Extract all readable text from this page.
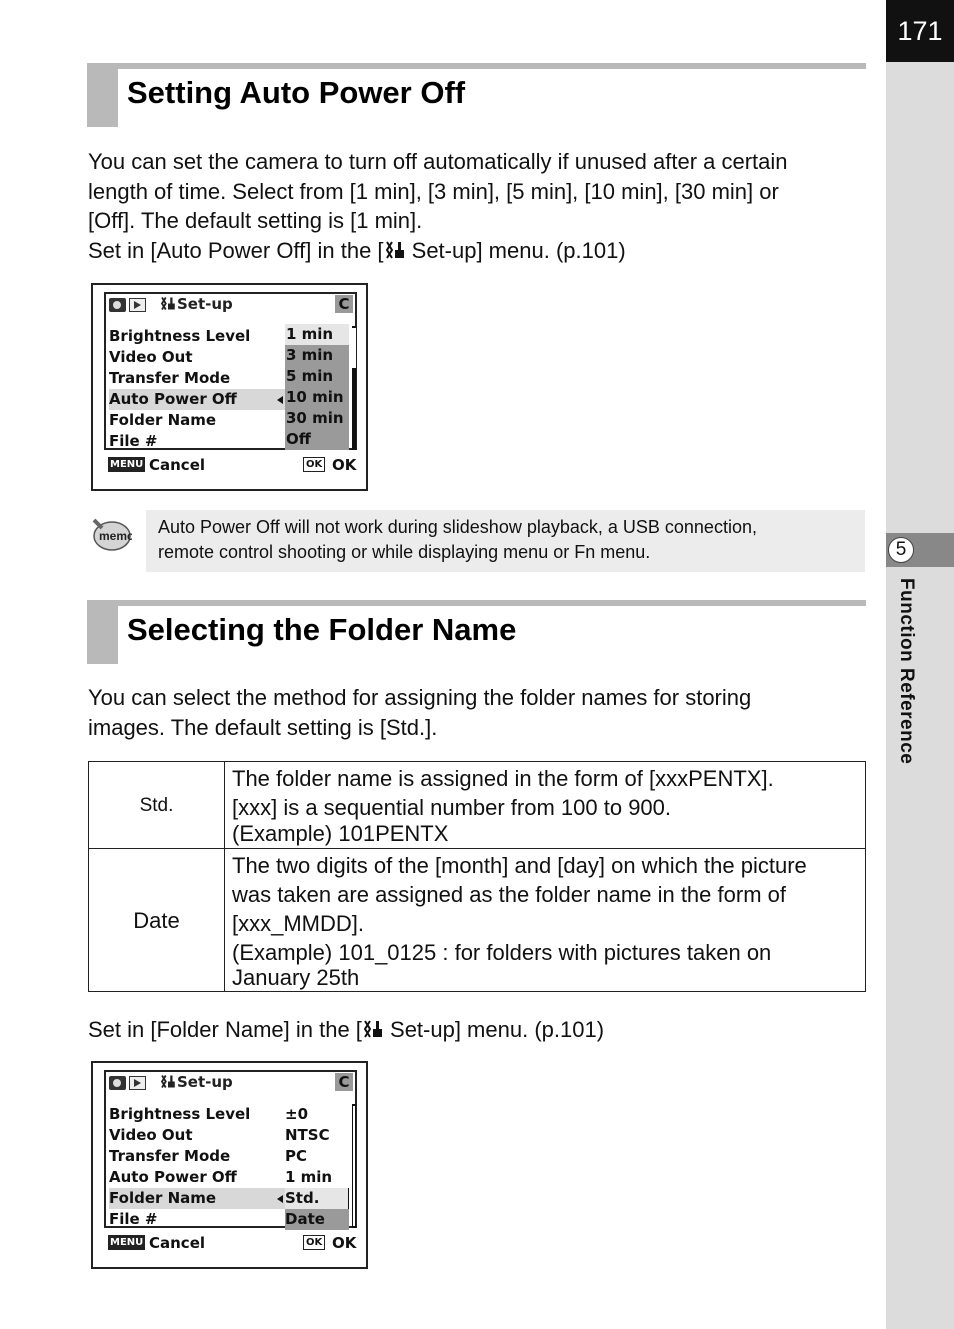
171
5
Function Reference
Setting Auto Power Off
You can set the camera to turn off automatically if unused after a certain
length of time. Select from [1 min], [3 min], [5 min], [10 min], [30 min] or
[Off]. The default setting is [1 min].
Set in [Auto Power Off] in the [ Set-up] menu. (p.101)
Set-up	C
Brightness Level
Video Out
Transfer Mode
Auto Power Off
Folder Name
File #
1 min
3 min
5 min
10 min
30 min
Off
MENU Cancel	OK OK
memo Auto Power Off will not work during slideshow playback, a USB connection,
remote control shooting or while displaying menu or Fn menu.
Selecting the Folder Name
You can select the method for assigning the folder names for storing
images. The default setting is [Std.].
Std.	The folder name is assigned in the form of [xxxPENTX].
[xxx] is a sequential number from 100 to 900.
(Example) 101PENTX

Date	The two digits of the [month] and [day] on which the picture
was taken are assigned as the folder name in the form of
[xxx_MMDD].
(Example) 101_0125 : for folders with pictures taken on
January 25th
Set in [Folder Name] in the [ Set-up] menu. (p.101)
Set-up	C
Brightness Level ±0
Video Out	NTSC
Transfer Mode	PC
Auto Power Off	1 min
Folder Name	Std.
File #	Date
MENU Cancel	OK OK
